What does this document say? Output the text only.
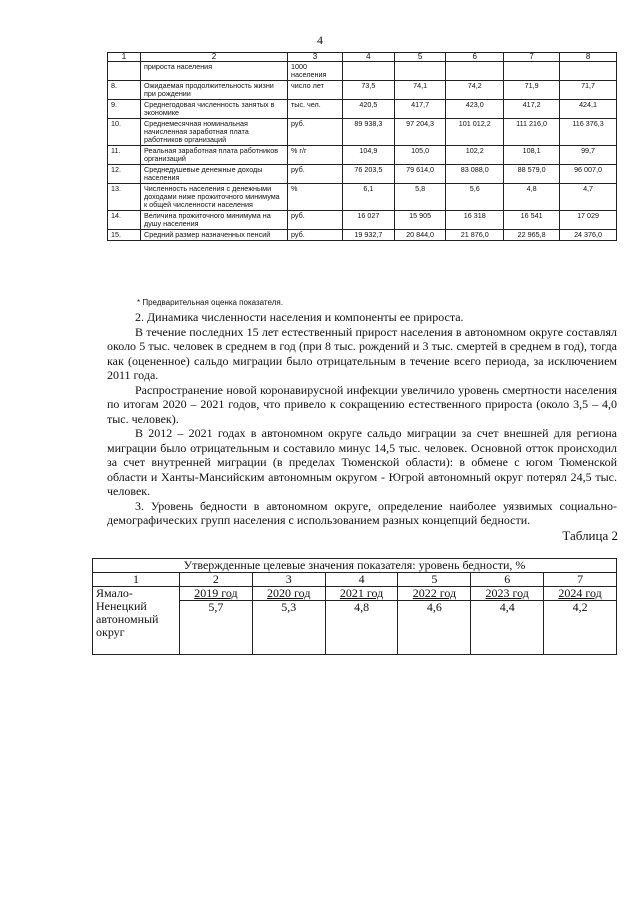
4
1	2	3	4	5	6	7	8
	прироста населения	1000 населения					
8.	Ожидаемая продолжительность жизни при рождении	число лет	73,5	74,1	74,2	71,9	71,7
9.	Среднегодовая численность занятых в экономике	тыс. чел.	420,5	417,7	423,0	417,2	424,1
10.	Среднемесячная номинальная начисленная заработная плата работников организаций	руб.	89 938,3	97 204,3	101 012,2	111 216,0	116 376,3
11.	Реальная заработная плата работников организаций	% г/г	104,9	105,0	102,2	108,1	99,7
12.	Среднедушевые денежные доходы населения	руб.	76 203,5	79 614,0	83 088,0	88 579,0	96 007,0
13.	Численность населения с денежными доходами ниже прожиточного минимума к общей численности населения	%	6,1	5,8	5,6	4,8	4,7
14.	Величина прожиточного минимума на душу населения	руб.	16 027	15 905	16 318	16 541	17 029
15.	Средний размер назначенных пенсий	руб.	19 932,7	20 844,0	21 876,0	22 965,8	24 376,0
* Предварительная оценка показателя.

2. Динамика численности населения и компоненты ее прироста.

В течение последних 15 лет естественный прирост населения в автономном округе составлял около 5 тыс. человек в среднем в год (при 8 тыс. рождений и 3 тыс. смертей в среднем в год), тогда как (оцененное) сальдо миграции было отрицательным в течение всего периода, за исключением 2011 года.

Распространение новой коронавирусной инфекции увеличило уровень смертности населения по итогам 2020 – 2021 годов, что привело к сокращению естественного прироста (около 3,5 – 4,0 тыс. человек).

В 2012 – 2021 годах в автономном округе сальдо миграции за счет внешней для региона миграции было отрицательным и составило минус 14,5 тыс. человек. Основной отток происходил за счет внутренней миграции (в пределах Тюменской области): в обмене с югом Тюменской области и Ханты-Мансийским автономным округом - Югрой автономный округ потерял 24,5 тыс. человек.

3. Уровень бедности в автономном округе, определение наиболее уязвимых социально-демографических групп населения с использованием разных концепций бедности.

Таблица 2
Утвержденные целевые значения показателя: уровень бедности, %						
1	2	3	4	5	6	7
Ямало-Ненецкий автономный округ	2019 год	2020 год	2021 год	2022 год	2023 год	2024 год
	5,7	5,3	4,8	4,6	4,4	4,2
